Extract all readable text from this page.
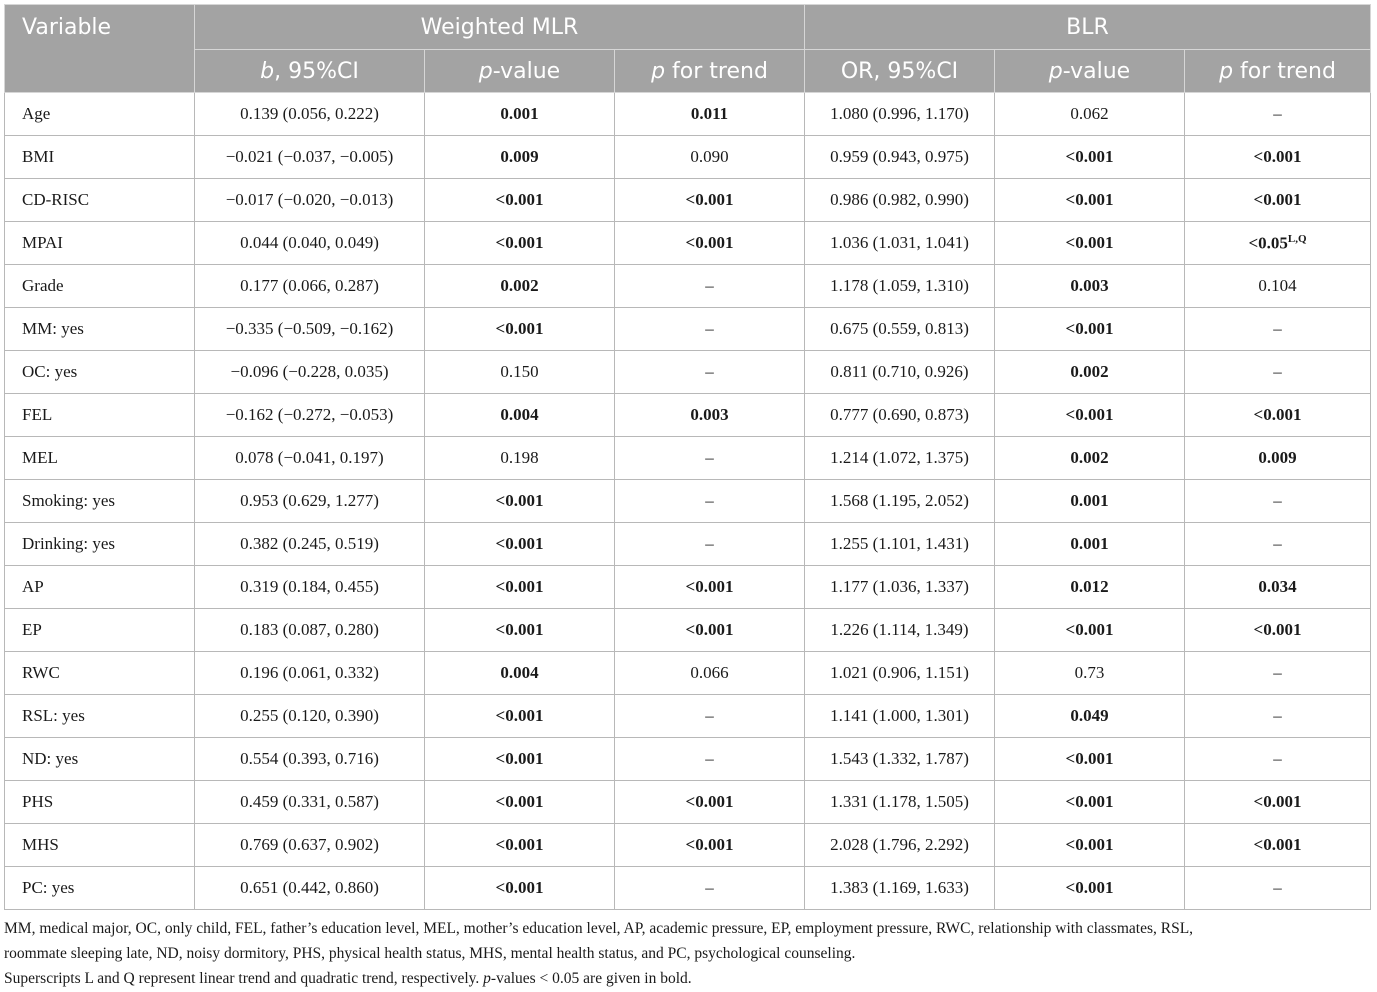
Variable	Weighted MLR			BLR		
	b, 95%CI	p-value	p for trend	OR, 95%CI	p-value	p for trend
Age	0.139 (0.056, 0.222)	0.001	0.011	1.080 (0.996, 1.170)	0.062	–
BMI	−0.021 (−0.037, −0.005)	0.009	0.090	0.959 (0.943, 0.975)	<0.001	<0.001
CD-RISC	−0.017 (−0.020, −0.013)	<0.001	<0.001	0.986 (0.982, 0.990)	<0.001	<0.001
MPAI	0.044 (0.040, 0.049)	<0.001	<0.001	1.036 (1.031, 1.041)	<0.001	$<0.05^{L,Q}$
Grade	0.177 (0.066, 0.287)	0.002	–	1.178 (1.059, 1.310)	0.003	0.104
MM: yes	−0.335 (−0.509, −0.162)	<0.001	–	0.675 (0.559, 0.813)	<0.001	–
OC: yes	−0.096 (−0.228, 0.035)	0.150	–	0.811 (0.710, 0.926)	0.002	–
FEL	−0.162 (−0.272, −0.053)	0.004	0.003	0.777 (0.690, 0.873)	<0.001	<0.001
MEL	0.078 (−0.041, 0.197)	0.198	–	1.214 (1.072, 1.375)	0.002	0.009
Smoking: yes	0.953 (0.629, 1.277)	<0.001	–	1.568 (1.195, 2.052)	0.001	–
Drinking: yes	0.382 (0.245, 0.519)	<0.001	–	1.255 (1.101, 1.431)	0.001	–
AP	0.319 (0.184, 0.455)	<0.001	<0.001	1.177 (1.036, 1.337)	0.012	0.034
EP	0.183 (0.087, 0.280)	<0.001	<0.001	1.226 (1.114, 1.349)	<0.001	<0.001
RWC	0.196 (0.061, 0.332)	0.004	0.066	1.021 (0.906, 1.151)	0.73	–
RSL: yes	0.255 (0.120, 0.390)	<0.001	–	1.141 (1.000, 1.301)	0.049	–
ND: yes	0.554 (0.393, 0.716)	<0.001	–	1.543 (1.332, 1.787)	<0.001	–
PHS	0.459 (0.331, 0.587)	<0.001	<0.001	1.331 (1.178, 1.505)	<0.001	<0.001
MHS	0.769 (0.637, 0.902)	<0.001	<0.001	2.028 (1.796, 2.292)	<0.001	<0.001
PC: yes	0.651 (0.442, 0.860)	<0.001	–	1.383 (1.169, 1.633)	<0.001	–
MM, medical major, OC, only child, FEL, father’s education level, MEL, mother’s education level, AP, academic pressure, EP, employment pressure, RWC, relationship with classmates, RSL,
roommate sleeping late, ND, noisy dormitory, PHS, physical health status, MHS, mental health status, and PC, psychological counseling.
Superscripts L and Q represent linear trend and quadratic trend, respectively. p-values < 0.05 are given in bold.
